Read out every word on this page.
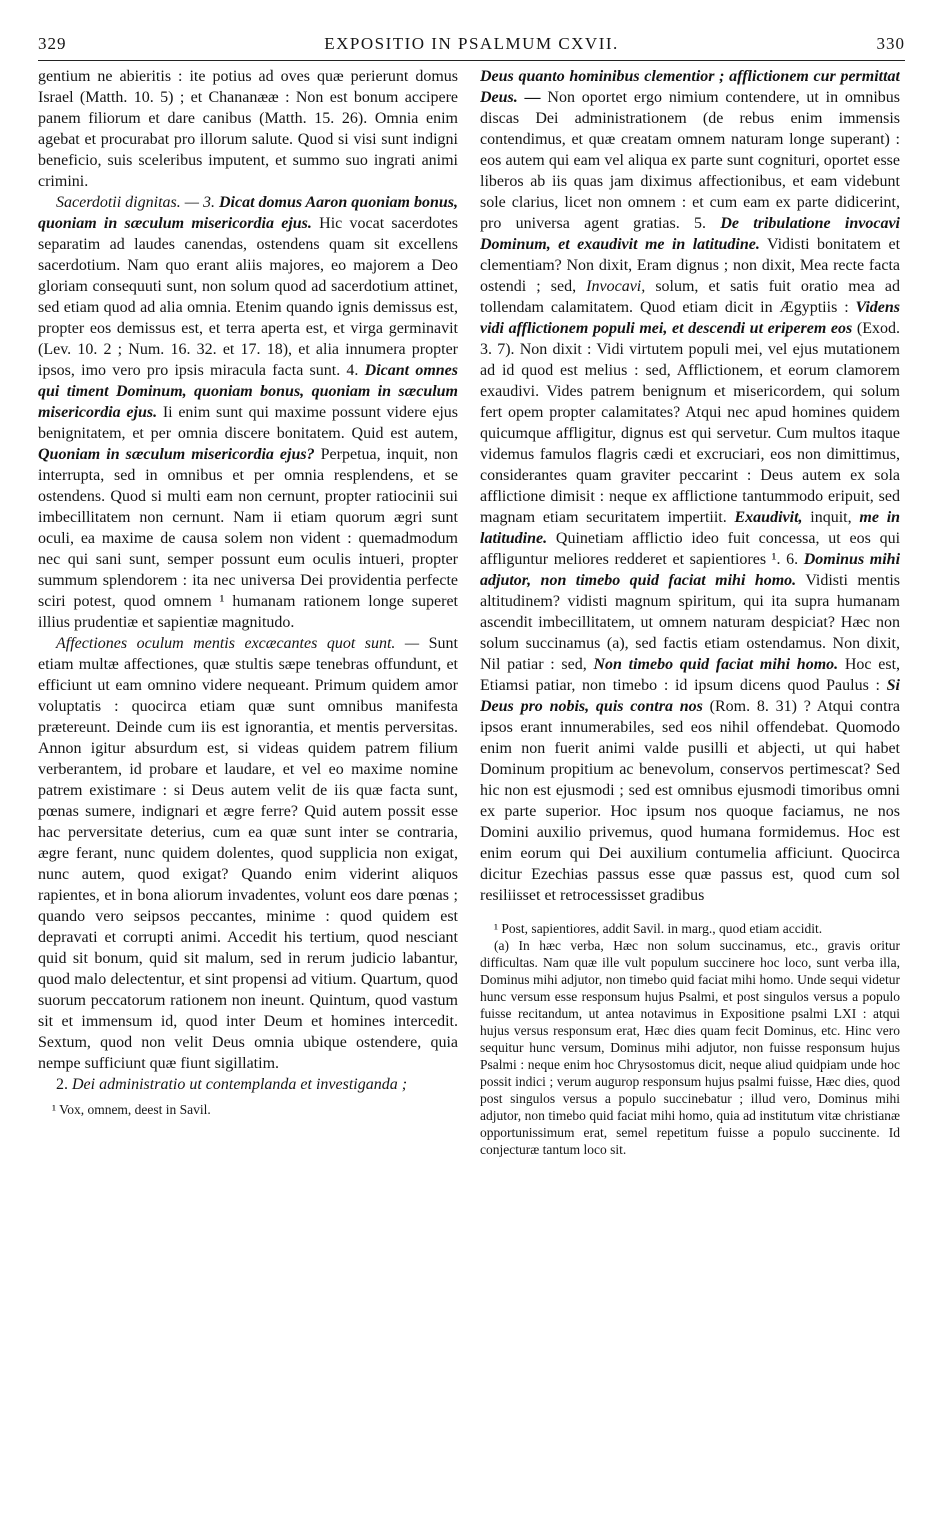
329	EXPOSITIO IN PSALMUM CXVII.	330

gentium ne abieritis : ite potius ad oves quæ perierunt domus Israel (Matth. 10. 5) ; et Chananææ : Non est bonum accipere panem filiorum et dare canibus (Matth. 15. 26). Omnia enim agebat et procurabat pro illorum salute. Quod si visi sunt indigni beneficio, suis sceleribus imputent, et summo suo ingrati animi crimini.

Sacerdotii dignitas. — 3. Dicat domus Aaron quoniam bonus, quoniam in sæculum misericordia ejus. Hic vocat sacerdotes separatim ad laudes canendas, ostendens quam sit excellens sacerdotium. Nam quo erant aliis majores, eo majorem a Deo gloriam consequuti sunt, non solum quod ad sacerdotium attinet, sed etiam quod ad alia omnia. Etenim quando ignis demissus est, propter eos demissus est, et terra aperta est, et virga germinavit (Lev. 10. 2 ; Num. 16. 32. et 17. 18), et alia innumera propter ipsos, imo vero pro ipsis miracula facta sunt. 4. Dicant omnes qui timent Dominum, quoniam bonus, quoniam in sæculum misericordia ejus. Ii enim sunt qui maxime possunt videre ejus benignitatem, et per omnia discere bonitatem. Quid est autem, Quoniam in sæculum misericordia ejus? Perpetua, inquit, non interrupta, sed in omnibus et per omnia resplendens, et se ostendens. Quod si multi eam non cernunt, propter ratiocinii sui imbecillitatem non cernunt. Nam ii etiam quorum ægri sunt oculi, ea maxime de causa solem non vident : quemadmodum nec qui sani sunt, semper possunt eum oculis intueri, propter summum splendorem : ita nec universa Dei providentia perfecte sciri potest, quod omnem ¹ humanam rationem longe superet illius prudentiæ et sapientiæ magnitudo.

Affectiones oculum mentis excæcantes quot sunt. — Sunt etiam multæ affectiones, quæ stultis sæpe tenebras offundunt, et efficiunt ut eam omnino videre nequeant. Primum quidem amor voluptatis : quocirca etiam quæ sunt omnibus manifesta prætereunt. Deinde cum iis est ignorantia, et mentis perversitas. Annon igitur absurdum est, si videas quidem patrem filium verberantem, id probare et laudare, et vel eo maxime nomine patrem existimare : si Deus autem velit de iis quæ facta sunt, pœnas sumere, indignari et ægre ferre? Quid autem possit esse hac perversitate deterius, cum ea quæ sunt inter se contraria, ægre ferant, nunc quidem dolentes, quod supplicia non exigat, nunc autem, quod exigat? Quando enim viderint aliquos rapientes, et in bona aliorum invadentes, volunt eos dare pœnas ; quando vero seipsos peccantes, minime : quod quidem est depravati et corrupti animi. Accedit his tertium, quod nesciant quid sit bonum, quid sit malum, sed in rerum judicio labantur, quod malo delectentur, et sint propensi ad vitium. Quartum, quod suorum peccatorum rationem non ineunt. Quintum, quod vastum sit et immensum id, quod inter Deum et homines intercedit. Sextum, quod non velit Deus omnia ubique ostendere, quia nempe sufficiunt quæ fiunt sigillatim.

2. Dei administratio ut contemplanda et investiganda ;

¹ Vox, omnem, deest in Savil.

Deus quanto hominibus clementior ; afflictionem cur permittat Deus. — Non oportet ergo nimium contendere, ut in omnibus discas Dei administrationem (de rebus enim immensis contendimus, et quæ creatam omnem naturam longe superant) : eos autem qui eam vel aliqua ex parte sunt cognituri, oportet esse liberos ab iis quas jam diximus affectionibus, et eam videbunt sole clarius, licet non omnem : et cum eam ex parte didicerint, pro universa agent gratias. 5. De tribulatione invocavi Dominum, et exaudivit me in latitudine. Vidisti bonitatem et clementiam? Non dixit, Eram dignus ; non dixit, Mea recte facta ostendi ; sed, Invocavi, solum, et satis fuit oratio mea ad tollendam calamitatem. Quod etiam dicit in Ægyptiis : Videns vidi afflictionem populi mei, et descendi ut eriperem eos (Exod. 3. 7). Non dixit : Vidi virtutem populi mei, vel ejus mutationem ad id quod est melius : sed, Afflictionem, et eorum clamorem exaudivi. Vides patrem benignum et misericordem, qui solum fert opem propter calamitates? Atqui nec apud homines quidem quicumque affligitur, dignus est qui servetur. Cum multos itaque videmus famulos flagris cædi et excruciari, eos non dimittimus, considerantes quam graviter peccarint : Deus autem ex sola afflictione dimisit : neque ex afflictione tantummodo eripuit, sed magnam etiam securitatem impertiit. Exaudivit, inquit, me in latitudine. Quinetiam afflictio ideo fuit concessa, ut eos qui affliguntur meliores redderet et sapientiores ¹. 6. Dominus mihi adjutor, non timebo quid faciat mihi homo. Vidisti mentis altitudinem? vidisti magnum spiritum, qui ita supra humanam ascendit imbecillitatem, ut omnem naturam despiciat? Hæc non solum succinamus (a), sed factis etiam ostendamus. Non dixit, Nil patiar : sed, Non timebo quid faciat mihi homo. Hoc est, Etiamsi patiar, non timebo : id ipsum dicens quod Paulus : Si Deus pro nobis, quis contra nos (Rom. 8. 31) ? Atqui contra ipsos erant innumerabiles, sed eos nihil offendebat. Quomodo enim non fuerit animi valde pusilli et abjecti, ut qui habet Dominum propitium ac benevolum, conservos pertimescat? Sed hic non est ejusmodi ; sed est omnibus ejusmodi timoribus omni ex parte superior. Hoc ipsum nos quoque faciamus, ne nos Domini auxilio privemus, quod humana formidemus. Hoc est enim eorum qui Dei auxilium contumelia afficiunt. Quocirca dicitur Ezechias passus esse quæ passus est, quod cum sol resiliisset et retrocessisset gradibus

¹ Post, sapientiores, addit Savil. in marg., quod etiam accidit.

(a) In hæc verba, Hæc non solum succinamus, etc., gravis oritur difficultas. Nam quæ ille vult populum succinere hoc loco, sunt verba illa, Dominus mihi adjutor, non timebo quid faciat mihi homo. Unde sequi videtur hunc versum esse responsum hujus Psalmi, et post singulos versus a populo fuisse recitandum, ut antea notavimus in Expositione psalmi LXI : atqui hujus versus responsum erat, Hæc dies quam fecit Dominus, etc. Hinc vero sequitur hunc versum, Dominus mihi adjutor, non fuisse responsum hujus Psalmi : neque enim hoc Chrysostomus dicit, neque aliud quidpiam unde hoc possit indici ; verum augurор responsum hujus psalmi fuisse, Hæc dies, quod post singulos versus a populo succinebatur ; illud vero, Dominus mihi adjutor, non timebo quid faciat mihi homo, quia ad institutum vitæ christianæ opportunissimum erat, semel repetitum fuisse a populo succinente. Id conjecturæ tantum loco sit.
